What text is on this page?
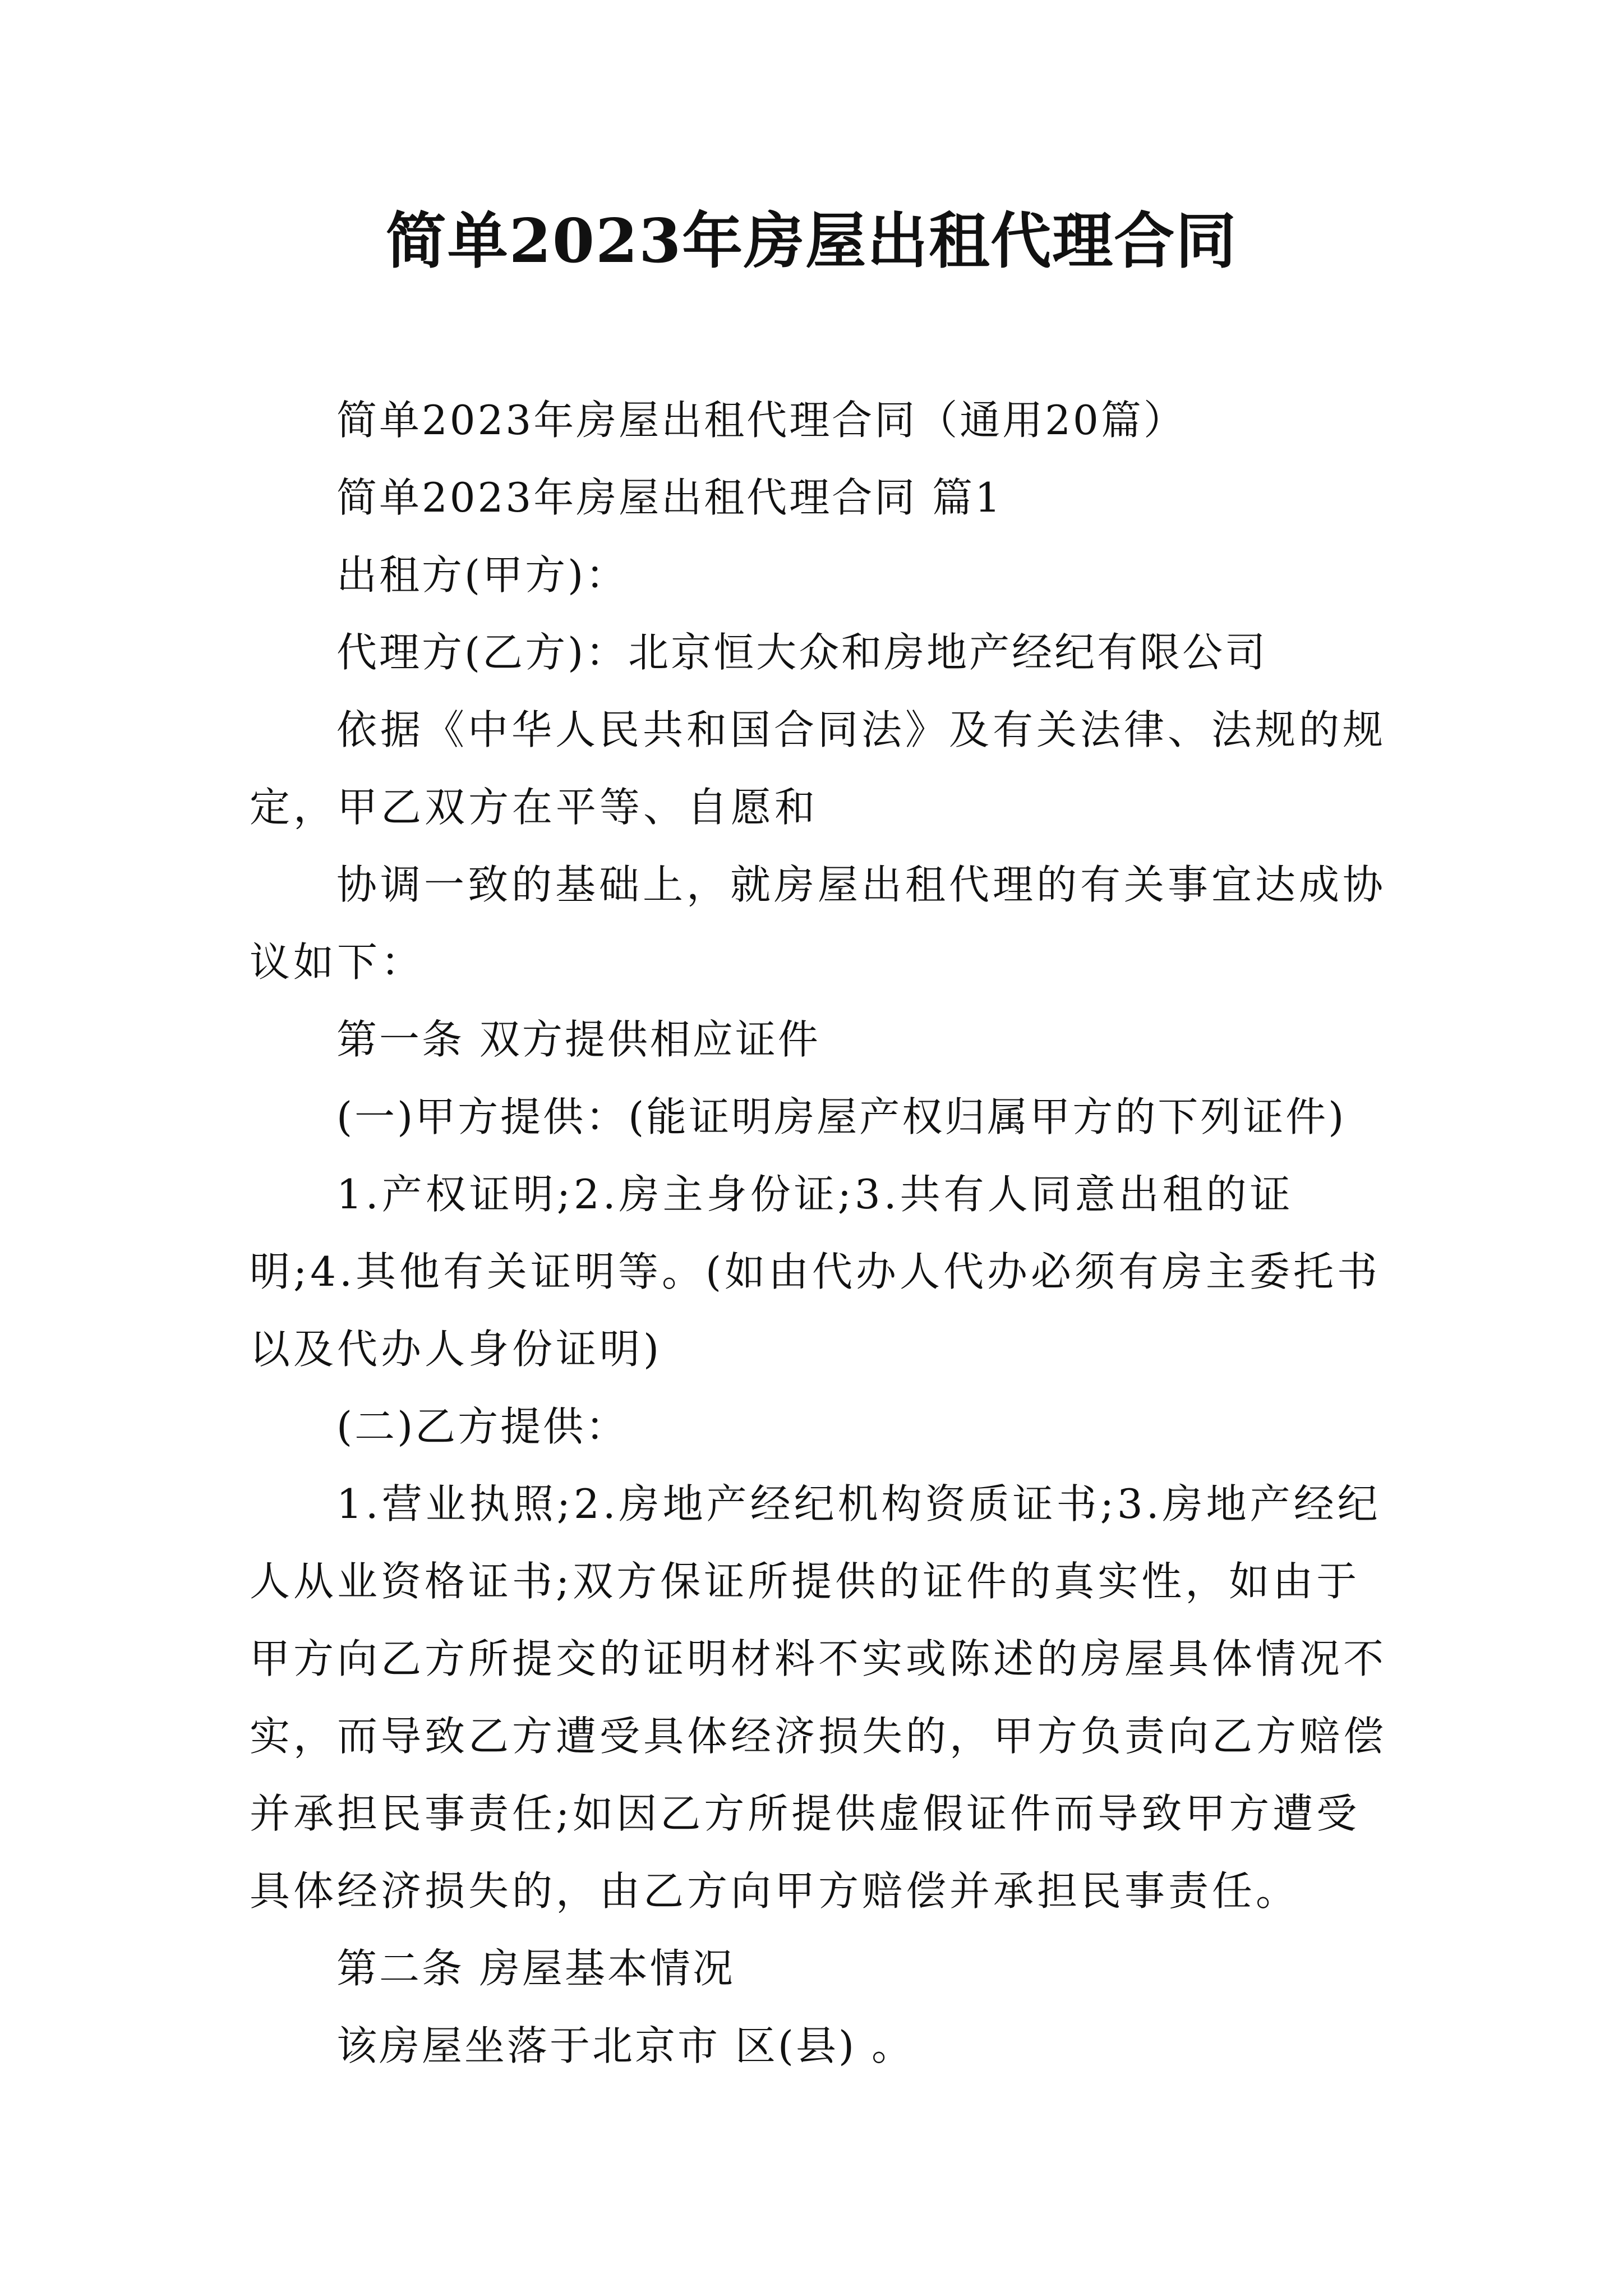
简单2023年房屋出租代理合同

简单2023年房屋出租代理合同（通用20篇）

简单2023年房屋出租代理合同 篇1

出租方(甲方)：

代理方(乙方)：北京恒大众和房地产经纪有限公司

依据《中华人民共和国合同法》及有关法律、法规的规定，甲乙双方在平等、自愿和

协调一致的基础上，就房屋出租代理的有关事宜达成协议如下：

第一条 双方提供相应证件

(一)甲方提供：(能证明房屋产权归属甲方的下列证件)

1.产权证明;2.房主身份证;3.共有人同意出租的证明;4.其他有关证明等。(如由代办人代办必须有房主委托书以及代办人身份证明)

(二)乙方提供：

1.营业执照;2.房地产经纪机构资质证书;3.房地产经纪人从业资格证书;双方保证所提供的证件的真实性，如由于甲方向乙方所提交的证明材料不实或陈述的房屋具体情况不实，而导致乙方遭受具体经济损失的，甲方负责向乙方赔偿并承担民事责任;如因乙方所提供虚假证件而导致甲方遭受具体经济损失的，由乙方向甲方赔偿并承担民事责任。

第二条 房屋基本情况

该房屋坐落于北京市 区(县) 。
